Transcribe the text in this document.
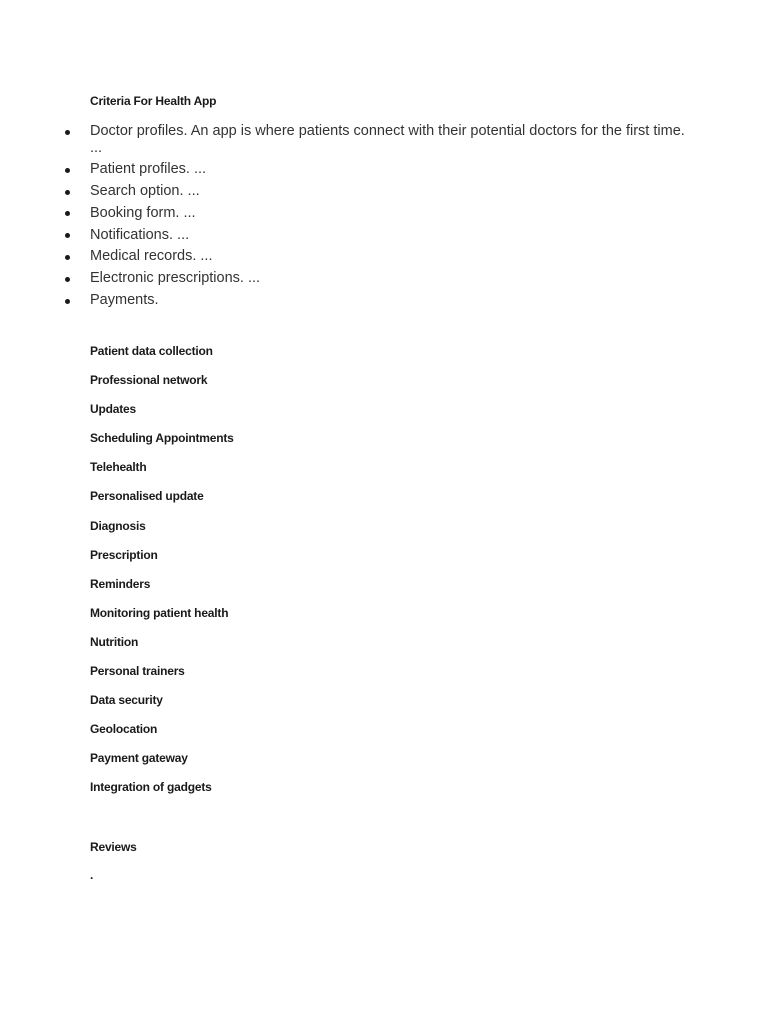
Criteria For Health App
Doctor profiles. An app is where patients connect with their potential doctors for the first time. ...
Patient profiles. ...
Search option. ...
Booking form. ...
Notifications. ...
Medical records. ...
Electronic prescriptions. ...
Payments.
Patient data collection
Professional network
Updates
Scheduling Appointments
Telehealth
Personalised update
Diagnosis
Prescription
Reminders
Monitoring patient health
Nutrition
Personal trainers
Data security
Geolocation
Payment gateway
Integration of gadgets
Reviews
.
